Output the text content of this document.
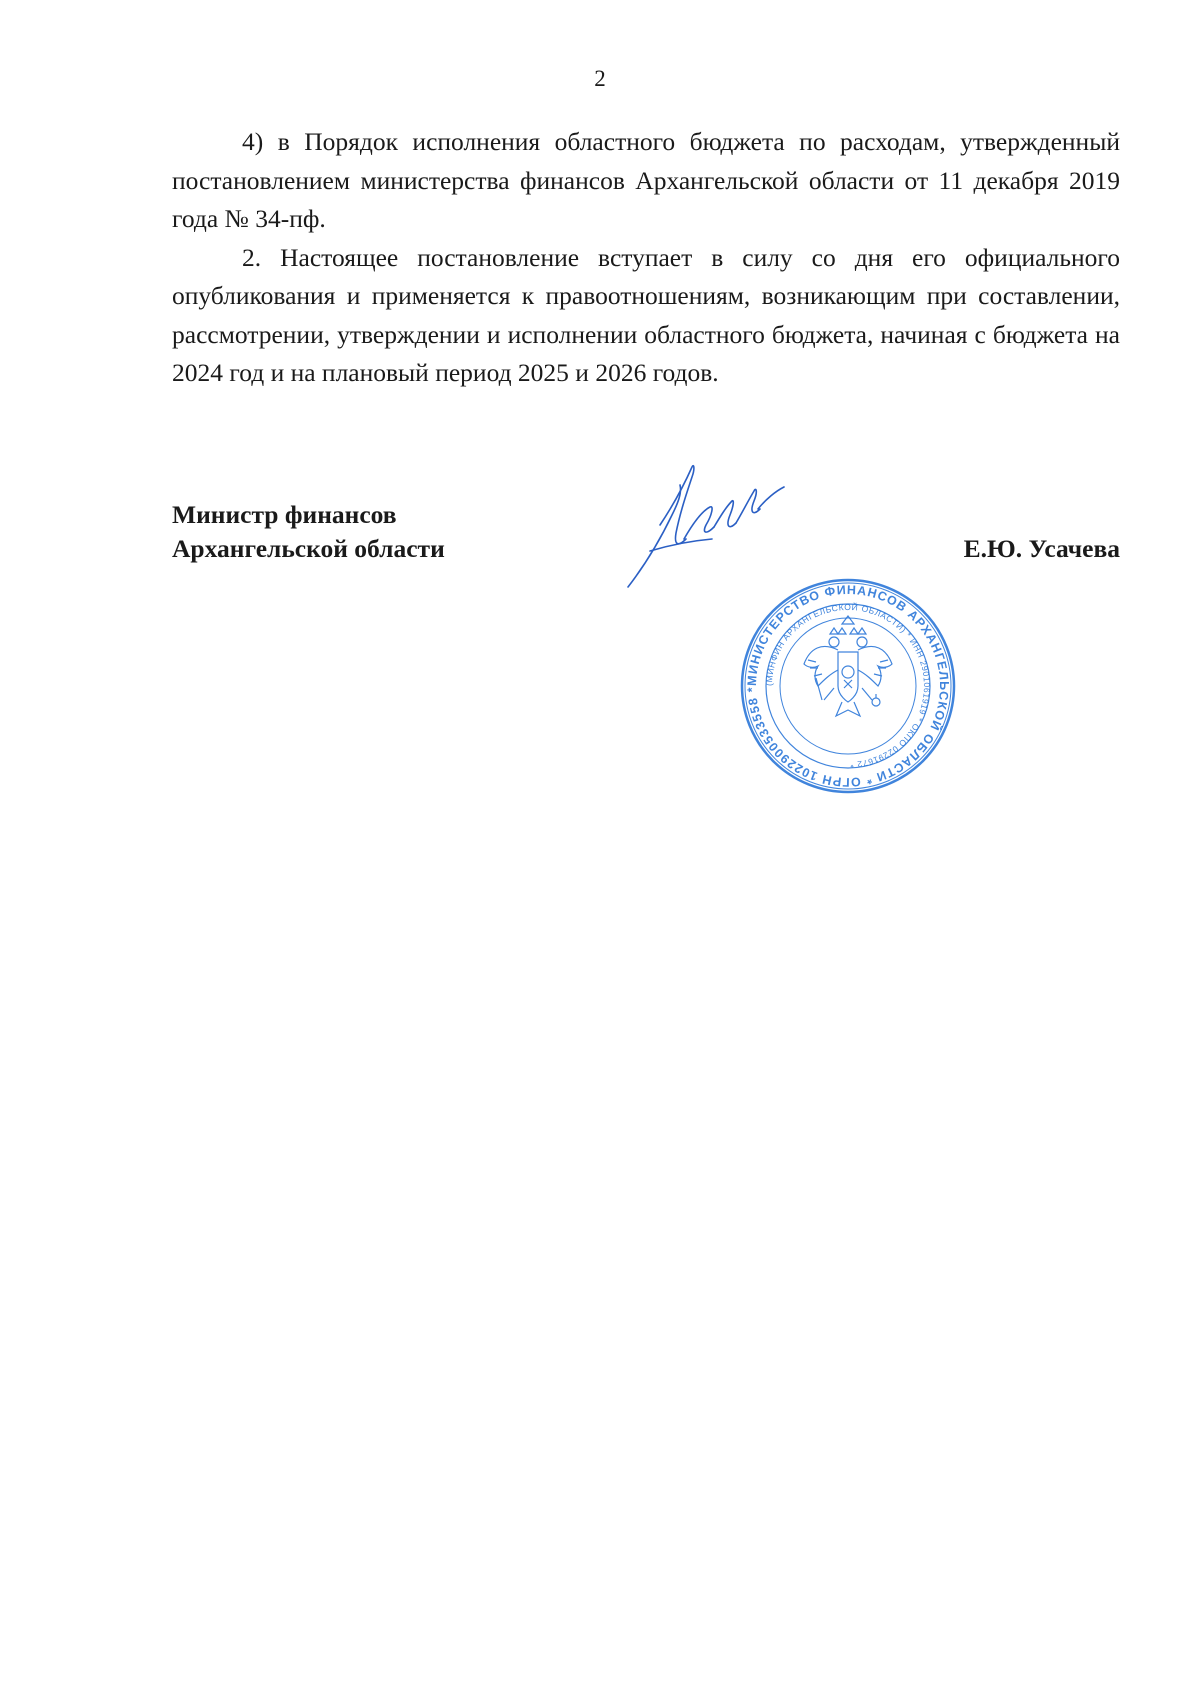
2

4) в Порядок исполнения областного бюджета по расходам, утвержденный постановлением министерства финансов Архангельской области от 11 декабря 2019 года № 34-пф.

2. Настоящее постановление вступает в силу со дня его официального опубликования и применяется к правоотношениям, возникающим при составлении, рассмотрении, утверждении и исполнении областного бюджета, начиная с бюджета на 2024 год и на плановый период 2025 и 2026 годов.

Министр финансов
Архангельской области	Е.Ю. Усачева
МИНИСТЕРСТВО ФИНАНСОВ АРХАНГЕЛЬСКОЙ ОБЛАСТИ * ОГРН 1022900533558 *
(МИНФИН АРХАНГЕЛЬСКОЙ ОБЛАСТИ) * ИНН 2901061919 * ОКПО 02291672 *
